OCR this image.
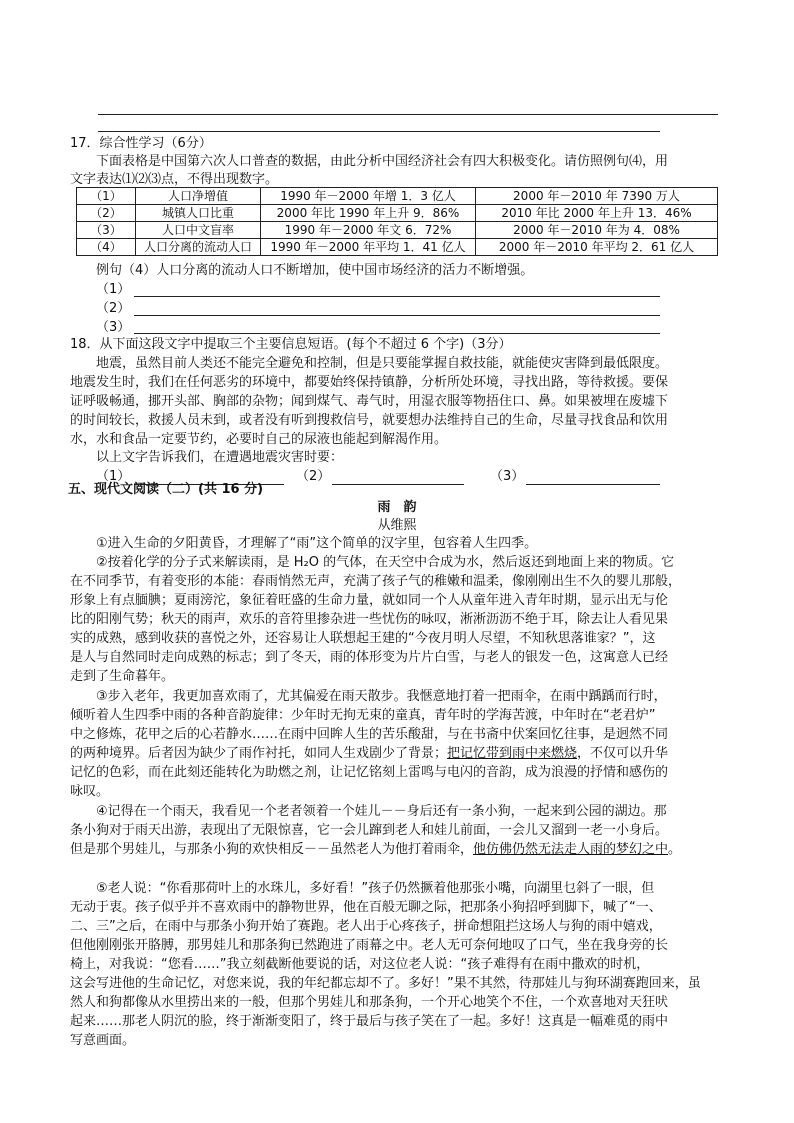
17．综合性学习（6分）
下面表格是中国第六次人口普查的数据，由此分析中国经济社会有四大积极变化。请仿照例句⑷，用
文字表达⑴⑵⑶点，不得出现数字。
（1）	人口净增值	1990 年－2000 年增 1．3 亿人	2000 年－2010 年 7390 万人
（2）	城镇人口比重	2000 年比 1990 年上升 9．86%	2010 年比 2000 年上升 13．46%
（3）	人口中文盲率	1990 年－2000 年文 6．72%	2000 年－2010 年为 4．08%
（4）	人口分离的流动人口	1990 年－2000 年平均 1．41 亿人	2000 年－2010 年平均 2．61 亿人
例句（4）人口分离的流动人口不断增加，使中国市场经济的活力不断增强。
（1）
（2）
（3）
18．从下面这段文字中提取三个主要信息短语。(每个不超过 6 个字)（3分）
地震，虽然目前人类还不能完全避免和控制，但是只要能掌握自救技能，就能使灾害降到最低限度。
地震发生时，我们在任何恶劣的环境中，都要始终保持镇静，分析所处环境，寻找出路，等待救援。要保
证呼吸畅通，挪开头部、胸部的杂物；闻到煤气、毒气时，用湿衣服等物捂住口、鼻。如果被埋在废墟下
的时间较长，救援人员未到，或者没有听到搜救信号，就要想办法维持自己的生命，尽量寻找食品和饮用
水，水和食品一定要节约，必要时自己的尿液也能起到解渴作用。
以上文字告诉我们，在遭遇地震灾害时要：
（1）	（2）	（3）
五、现代文阅读（二）(共 16 分)
雨　韵
从维熙
①进入生命的夕阳黄昏，才理解了“雨”这个简单的汉字里，包容着人生四季。
②按着化学的分子式来解读雨，是 H₂O 的气体，在天空中合成为水，然后返还到地面上来的物质。它
在不同季节，有着变形的本能：春雨悄然无声，充满了孩子气的稚嫩和温柔，像刚刚出生不久的婴儿那般，
形象上有点腼腆；夏雨滂沱，象征着旺盛的生命力量，就如同一个人从童年进入青年时期，显示出无与伦
比的阳刚气势；秋天的雨声，欢乐的音符里掺杂进一些忧伤的咏叹，淅淅沥沥不绝于耳，除去让人看见果
实的成熟，感到收获的喜悦之外，还容易让人联想起王建的“今夜月明人尽望，不知秋思落谁家？”，这
是人与自然同时走向成熟的标志；到了冬天，雨的体形变为片片白雪，与老人的银发一色，这寓意人已经
走到了生命暮年。
③步入老年，我更加喜欢雨了，尤其偏爱在雨天散步。我惬意地打着一把雨伞，在雨中踽踽而行时，
倾听着人生四季中雨的各种音韵旋律：少年时无拘无束的童真，青年时的学海苦渡，中年时在“老君炉”
中之修炼，花甲之后的心若静水……在雨中回眸人生的苦乐酸甜，与在书斋中伏案回忆往事，是迥然不同
的两种境界。后者因为缺少了雨作衬托，如同人生戏剧少了背景；把记忆带到雨中来燃烧，不仅可以升华
记忆的色彩，而在此刻还能转化为助燃之剂，让记忆铭刻上雷鸣与电闪的音韵，成为浪漫的抒情和感伤的
咏叹。
④记得在一个雨天，我看见一个老者领着一个娃儿－－身后还有一条小狗，一起来到公园的湖边。那
条小狗对于雨天出游，表现出了无限惊喜，它一会儿蹿到老人和娃儿前面，一会儿又溜到一老一小身后。
但是那个男娃儿，与那条小狗的欢快相反－－虽然老人为他打着雨伞，他仿佛仍然无法走人雨的梦幻之中。
⑤老人说：“你看那荷叶上的水珠儿，多好看！”孩子仍然撅着他那张小嘴，向湖里乜斜了一眼，但
无动于衷。孩子似乎并不喜欢雨中的静物世界，他在百般无聊之际，把那条小狗招呼到脚下，喊了“一、
二、三”之后，在雨中与那条小狗开始了赛跑。老人出于心疼孩子，拼命想阻拦这场人与狗的雨中嬉戏，
但他刚刚张开胳膊，那男娃儿和那条狗已然跑进了雨幕之中。老人无可奈何地叹了口气，坐在我身旁的长
椅上，对我说：“您看……”我立刻截断他要说的话，对这位老人说：“孩子难得有在雨中撒欢的时机，
这会写进他的生命记忆，对您来说，我的年纪都忘却不了。多好！”果不其然，待那娃儿与狗环湖赛跑回来，虽
然人和狗都像从水里捞出来的一般，但那个男娃儿和那条狗，一个开心地笑个不住，一个欢喜地对天狂吠
起来……那老人阴沉的脸，终于渐渐变阳了，终于最后与孩子笑在了一起。多好！这真是一幅难觅的雨中
写意画面。
